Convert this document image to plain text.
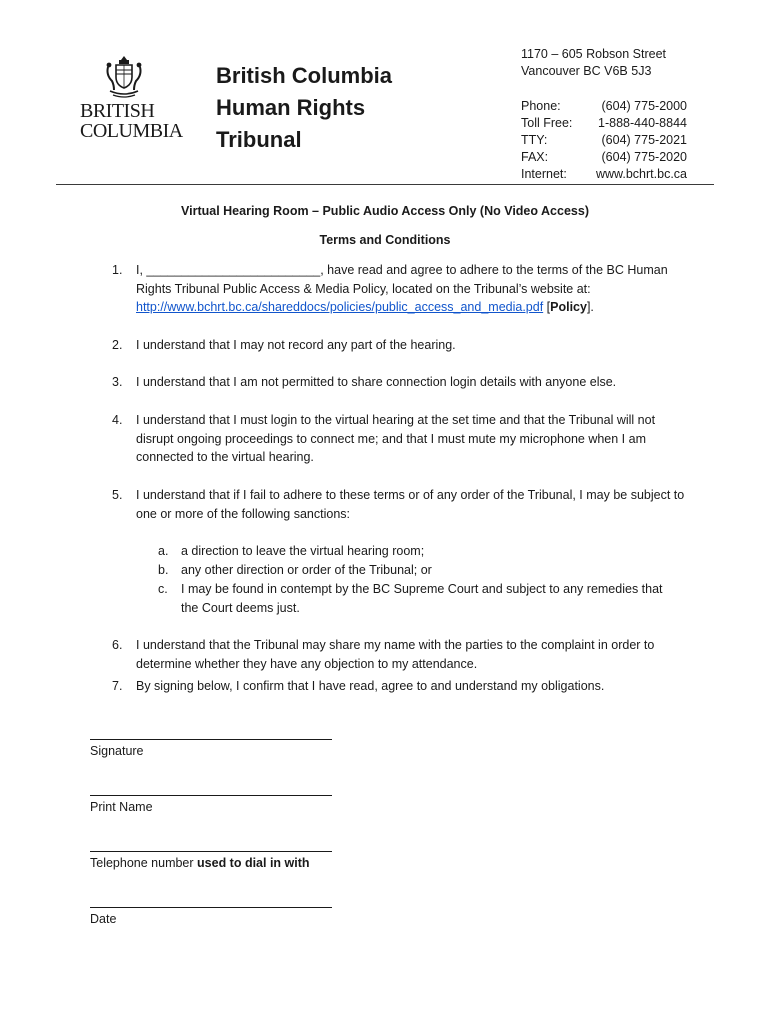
BRITISH
COLUMBIA
British Columbia
Human Rights
Tribunal
1170 – 605 Robson Street
Vancouver BC V6B 5J3
Phone:	(604) 775-2000
Toll Free: 1-888-440-8844
TTY:	(604) 775-2021
FAX:	(604) 775-2020
Internet: www.bchrt.bc.ca
Virtual Hearing Room – Public Audio Access Only (No Video Access)
Terms and Conditions
1. I, _________________________, have read and agree to adhere to the terms of the BC Human Rights Tribunal Public Access & Media Policy, located on the Tribunal’s website at:
http://www.bchrt.bc.ca/shareddocs/policies/public_access_and_media.pdf [Policy].
2. I understand that I may not record any part of the hearing.
3. I understand that I am not permitted to share connection login details with anyone else.
4. I understand that I must login to the virtual hearing at the set time and that the Tribunal will not disrupt ongoing proceedings to connect me; and that I must mute my microphone when I am connected to the virtual hearing.
5. I understand that if I fail to adhere to these terms or of any order of the Tribunal, I may be subject to one or more of the following sanctions:
a. a direction to leave the virtual hearing room;
b. any other direction or order of the Tribunal; or
c. I may be found in contempt by the BC Supreme Court and subject to any remedies that the Court deems just.
6. I understand that the Tribunal may share my name with the parties to the complaint in order to determine whether they have any objection to my attendance.
7. By signing below, I confirm that I have read, agree to and understand my obligations.
Signature
Print Name
Telephone number used to dial in with
Date
